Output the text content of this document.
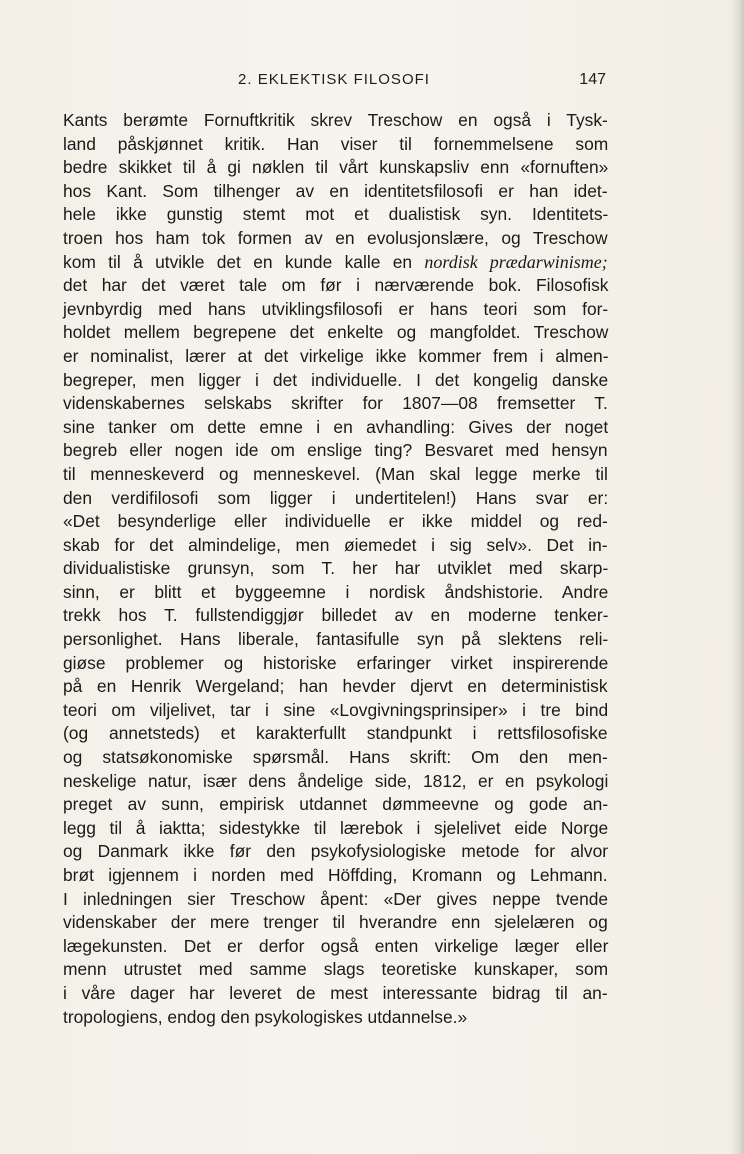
2. EKLEKTISK FILOSOFI	147
Kants berømte Fornuftkritik skrev Treschow en også i Tysk-
land påskjønnet kritik. Han viser til fornemmelsene som
bedre skikket til å gi nøklen til vårt kunskapsliv enn «fornuften»
hos Kant. Som tilhenger av en identitetsfilosofi er han idet-
hele ikke gunstig stemt mot et dualistisk syn. Identitets-
troen hos ham tok formen av en evolusjonslære, og Treschow
kom til å utvikle det en kunde kalle en nordisk prædarwinisme;
det har det været tale om før i nærværende bok. Filosofisk
jevnbyrdig med hans utviklingsfilosofi er hans teori som for-
holdet mellem begrepene det enkelte og mangfoldet. Treschow
er nominalist, lærer at det virkelige ikke kommer frem i almen-
begreper, men ligger i det individuelle. I det kongelig danske
videnskabernes selskabs skrifter for 1807—08 fremsetter T.
sine tanker om dette emne i en avhandling: Gives der noget
begreb eller nogen ide om enslige ting? Besvaret med hensyn
til menneskeverd og menneskevel. (Man skal legge merke til
den verdifilosofi som ligger i undertitelen!) Hans svar er:
«Det besynderlige eller individuelle er ikke middel og red-
skab for det almindelige, men øiemedet i sig selv». Det in-
dividualistiske grunsyn, som T. her har utviklet med skarp-
sinn, er blitt et byggeemne i nordisk åndshistorie. Andre
trekk hos T. fullstendiggjør billedet av en moderne tenker-
personlighet. Hans liberale, fantasifulle syn på slektens reli-
giøse problemer og historiske erfaringer virket inspirerende
på en Henrik Wergeland; han hevder djervt en deterministisk
teori om viljelivet, tar i sine «Lovgivningsprinsiper» i tre bind
(og annetsteds) et karakterfullt standpunkt i rettsfilosofiske
og statsøkonomiske spørsmål. Hans skrift: Om den men-
neskelige natur, især dens åndelige side, 1812, er en psykologi
preget av sunn, empirisk utdannet dømmeevne og gode an-
legg til å iaktta; sidestykke til lærebok i sjelelivet eide Norge
og Danmark ikke før den psykofysiologiske metode for alvor
brøt igjennem i norden med Höffding, Kromann og Lehmann.
I inledningen sier Treschow åpent: «Der gives neppe tvende
videnskaber der mere trenger til hverandre enn sjelelæren og
lægekunsten. Det er derfor også enten virkelige læger eller
menn utrustet med samme slags teoretiske kunskaper, som
i våre dager har leveret de mest interessante bidrag til an-
tropologiens, endog den psykologiskes utdannelse.»
